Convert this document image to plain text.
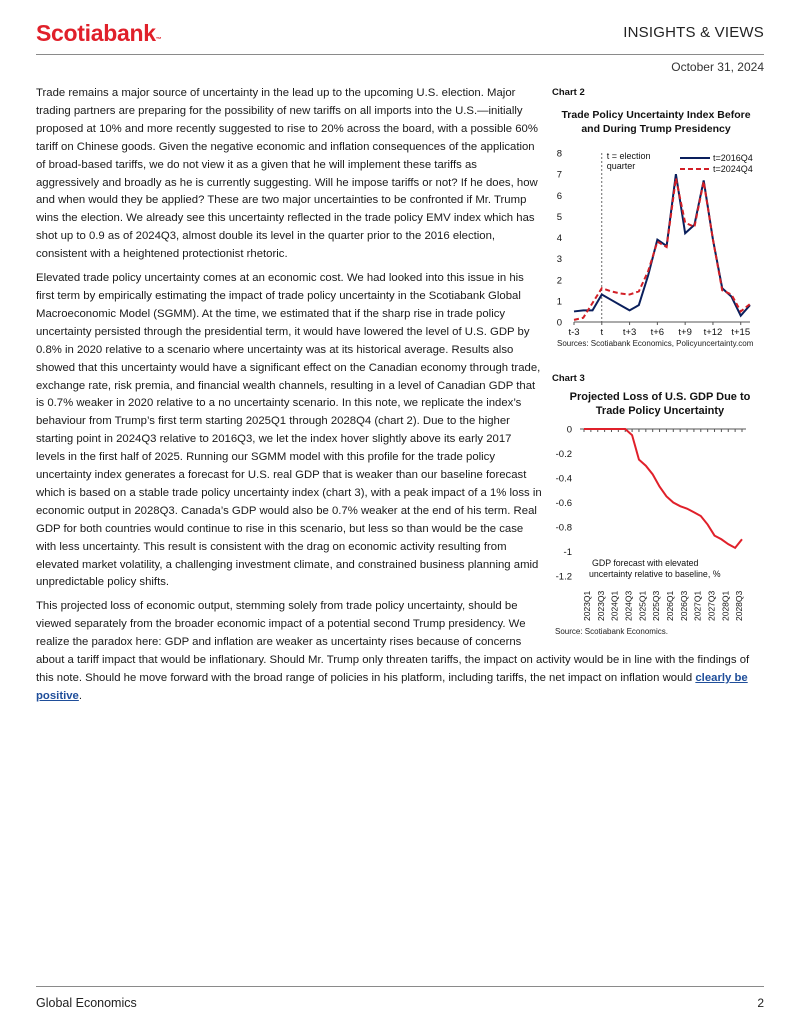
Scotiabank™	INSIGHTS & VIEWS
October 31, 2024

Trade remains a major source of uncertainty in the lead up to the upcoming U.S. election. Major trading partners are preparing for the possibility of new tariffs on all imports into the U.S.—initially proposed at 10% and more recently suggested to rise to 20% across the board, with a possible 60% tariff on Chinese goods. Given the negative economic and inflation consequences of the application of broad-based tariffs, we do not view it as a given that he will implement these tariffs as aggressively and broadly as he is currently suggesting. Will he impose tariffs or not? If he does, how and when would they be applied? These are two major uncertainties to be confronted if Mr. Trump wins the election. We already see this uncertainty reflected in the trade policy EMV index which has shot up to 0.9 as of 2024Q3, almost double its level in the quarter prior to the 2016 election, consistent with a heightened protectionist rhetoric.

Elevated trade policy uncertainty comes at an economic cost. We had looked into this issue in his first term by empirically estimating the impact of trade policy uncertainty in the Scotiabank Global Macroeconomic Model (SGMM). At the time, we estimated that if the sharp rise in trade policy uncertainty persisted through the presidential term, it would have lowered the level of U.S. GDP by 0.8% in 2020 relative to a scenario where uncertainty was at its historical average. Results also showed that this uncertainty would have a significant effect on the Canadian economy through trade, exchange rate, risk premia, and financial wealth channels, resulting in a level of Canadian GDP that is 0.7% weaker in 2020 relative to a no uncertainty scenario. In this note, we replicate the index’s behaviour from Trump’s first term starting 2025Q1 through 2028Q4 (chart 2). Due to the higher starting point in 2024Q3 relative to 2016Q3, we let the index hover slightly above its early 2017 levels in the first half of 2025. Running our SGMM model with this profile for the trade policy uncertainty index generates a forecast for U.S. real GDP that is weaker than our baseline forecast which is based on a stable trade policy uncertainty index (chart 3), with a peak impact of a 1% loss in economic output in 2028Q3. Canada’s GDP would also be 0.7% weaker at the end of his term. Real GDP for both countries would continue to rise in this scenario, but less so than would be the case with less uncertainty. This result is consistent with the drag on economic activity resulting from elevated market volatility, a challenging investment climate, and constrained business planning amid unpredictable policy shifts.

This projected loss of economic output, stemming solely from trade policy uncertainty, should be viewed separately from the broader economic impact of a potential second Trump presidency. We realize the paradox here: GDP and inflation are weaker as uncertainty rises because of concerns about a tariff impact that would be inflationary. Should Mr. Trump only threaten tariffs, the impact on activity would be in line with the findings of this note. Should he move forward with the broad range of policies in his platform, including tariffs, the net impact on inflation would clearly be positive.

Chart 2
Trade Policy Uncertainty Index Before and During Trump Presidency
0
1
2
3
4
5
6
7
8
t-3 t t+3 t+6 t+9 t+12 t+15
t = election
quarter
t=2016Q4
t=2024Q4
Sources: Scotiabank Economics, Policyuncertainty.com
Chart 3
Projected Loss of U.S. GDP Due to Trade Policy Uncertainty
0
-0.2
-0.4
-0.6
-0.8
-1
-1.2
2023Q1 2023Q3 2024Q1 2024Q3 2025Q1 2025Q3 2026Q1 2026Q3 2027Q1 2027Q3 2028Q1 2028Q3
GDP forecast with elevated
uncertainty relative to baseline, %
Source: Scotiabank Economics.
Global Economics	2
